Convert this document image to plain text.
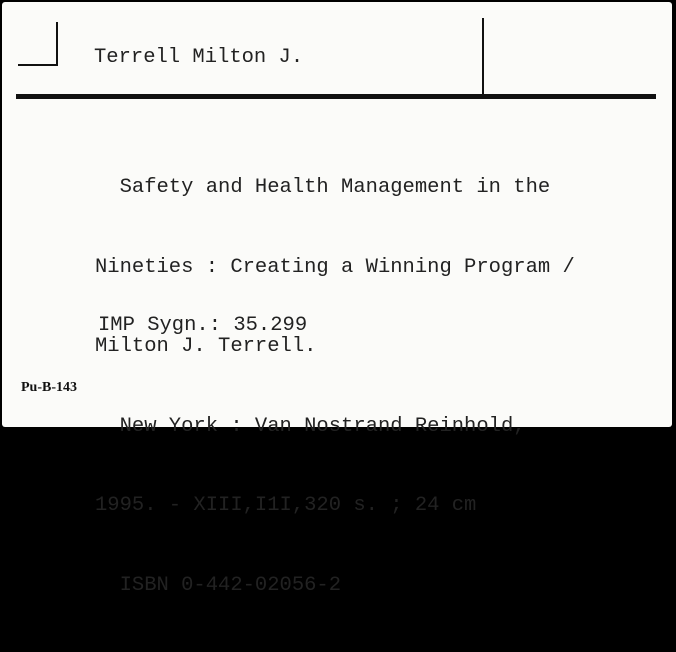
Terrell Milton J.

Safety and Health Management in the

Nineties : Creating a Winning Program /

Milton J. Terrell.

New York : Van Nostrand Reinhold,

1995. - XIII,I1I,320 s. ; 24 cm

ISBN 0-442-02056-2

IMP Sygn.: 35.299
Pu-B-143
